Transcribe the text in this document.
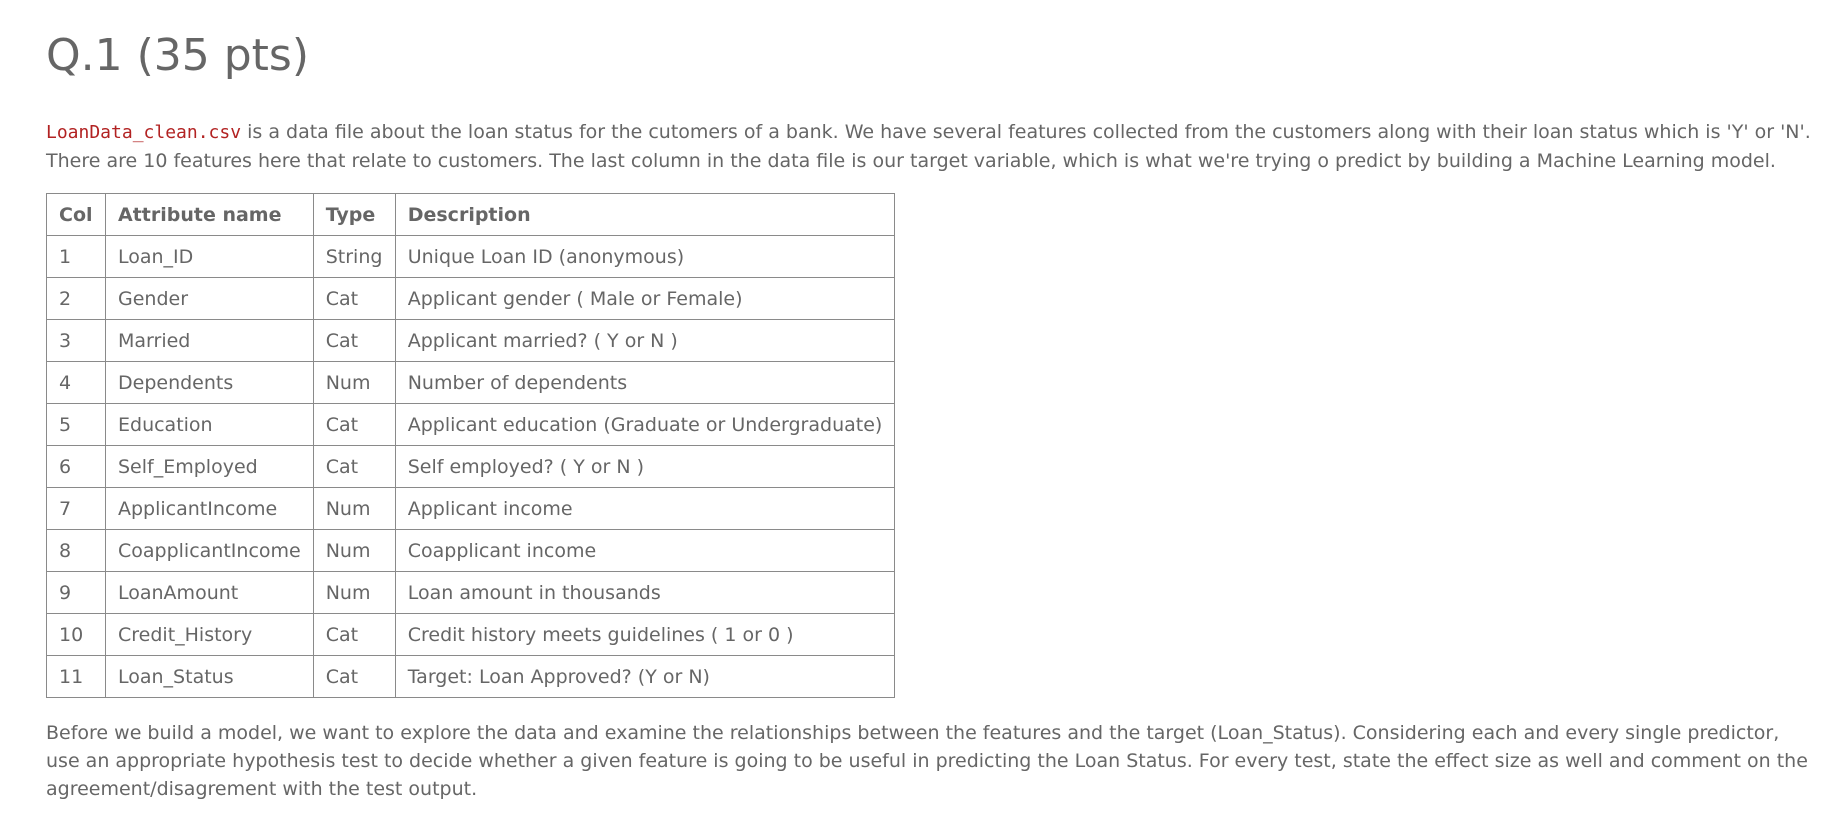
Q.1 (35 pts)

LoanData_clean.csv is a data file about the loan status for the cutomers of a bank. We have several features collected from the customers along with their loan status which is 'Y' or 'N'. There are 10 features here that relate to customers. The last column in the data file is our target variable, which is what we're trying o predict by building a Machine Learning model.

Col	Attribute name	Type	Description
1	Loan_ID	String	Unique Loan ID (anonymous)
2	Gender	Cat	Applicant gender ( Male or Female)
3	Married	Cat	Applicant married? ( Y or N )
4	Dependents	Num	Number of dependents
5	Education	Cat	Applicant education (Graduate or Undergraduate)
6	Self_Employed	Cat	Self employed? ( Y or N )
7	ApplicantIncome	Num	Applicant income
8	CoapplicantIncome	Num	Coapplicant income
9	LoanAmount	Num	Loan amount in thousands
10	Credit_History	Cat	Credit history meets guidelines ( 1 or 0 )
11	Loan_Status	Cat	Target: Loan Approved? (Y or N)

Before we build a model, we want to explore the data and examine the relationships between the features and the target (Loan_Status). Considering each and every single predictor, use an appropriate hypothesis test to decide whether a given feature is going to be useful in predicting the Loan Status. For every test, state the effect size as well and comment on the agreement/disagrement with the test output.
